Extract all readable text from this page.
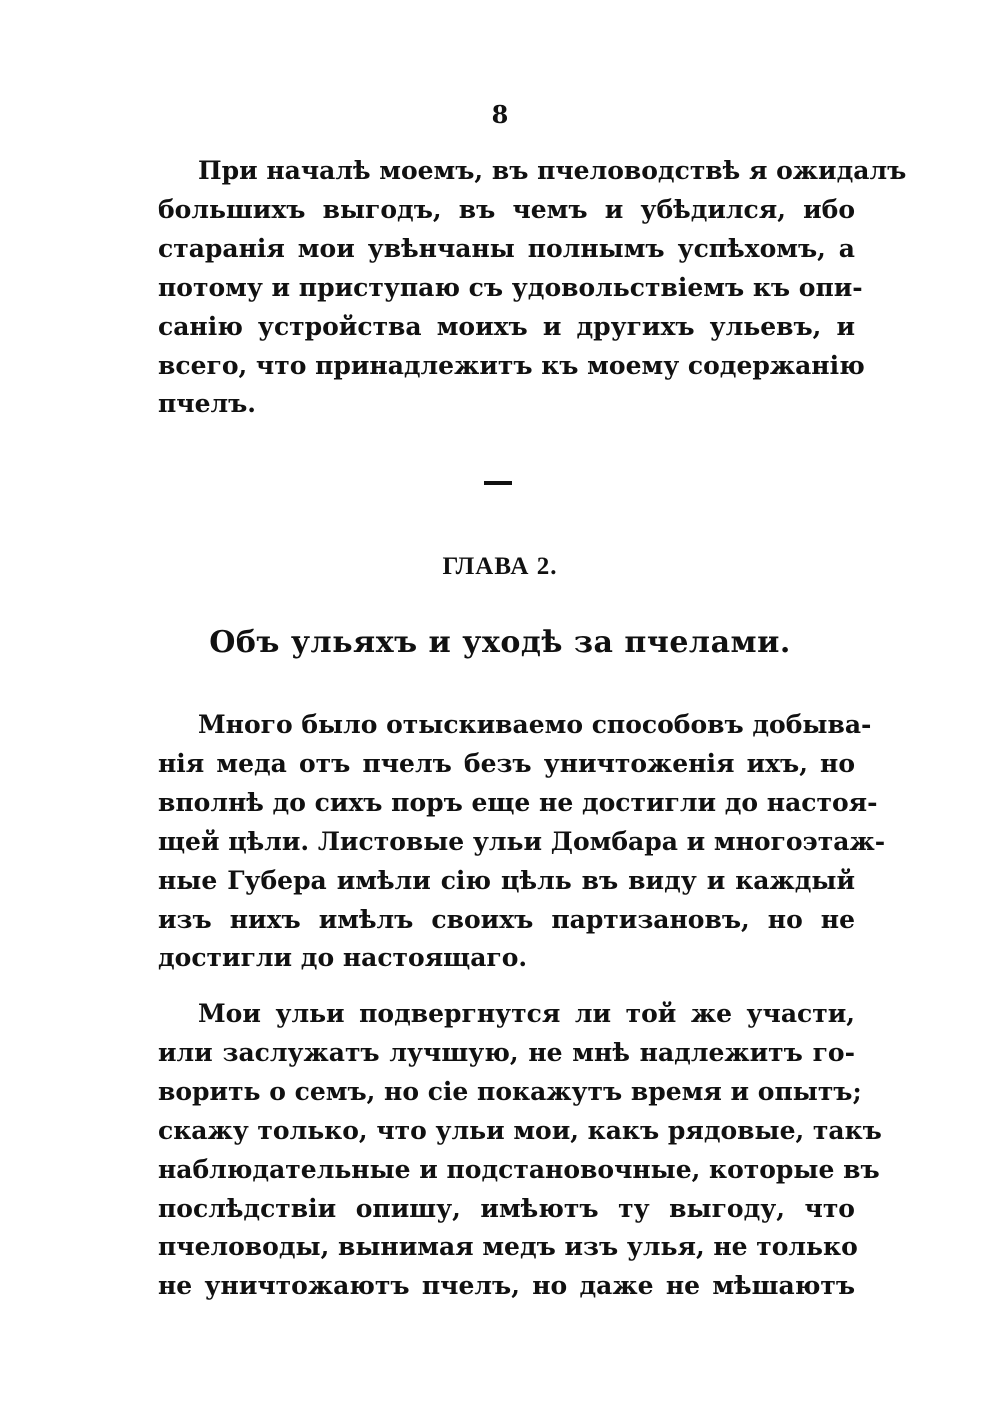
8
При началѣ моемъ, въ пчеловодствѣ я ожидалъ
большихъ выгодъ, въ чемъ и убѣдился, ибо
старанія мои увѣнчаны полнымъ успѣхомъ, а
потому и приступаю съ удовольствіемъ къ опи-
санію устройства моихъ и другихъ ульевъ, и
всего, что принадлежитъ къ моему содержанію
пчелъ.
ГЛАВА 2.
Объ ульяхъ и уходѣ за пчелами.
Много было отыскиваемо способовъ добыва-
нія меда отъ пчелъ безъ уничтоженія ихъ, но
вполнѣ до сихъ поръ еще не достигли до настоя-
щей цѣли. Листовые ульи Домбара и многоэтаж-
ные Губера имѣли сію цѣль въ виду и каждый
изъ нихъ имѣлъ своихъ партизановъ, но не
достигли до настоящаго.
Мои ульи подвергнутся ли той же участи,
или заслужатъ лучшую, не мнѣ надлежитъ го-
ворить о семъ, но сіе покажутъ время и опытъ;
скажу только, что ульи мои, какъ рядовые, такъ
наблюдательные и подстановочные, которые въ
послѣдствіи опишу, имѣютъ ту выгоду, что
пчеловоды, вынимая медъ изъ улья, не только
не уничтожаютъ пчелъ, но даже не мѣшаютъ
